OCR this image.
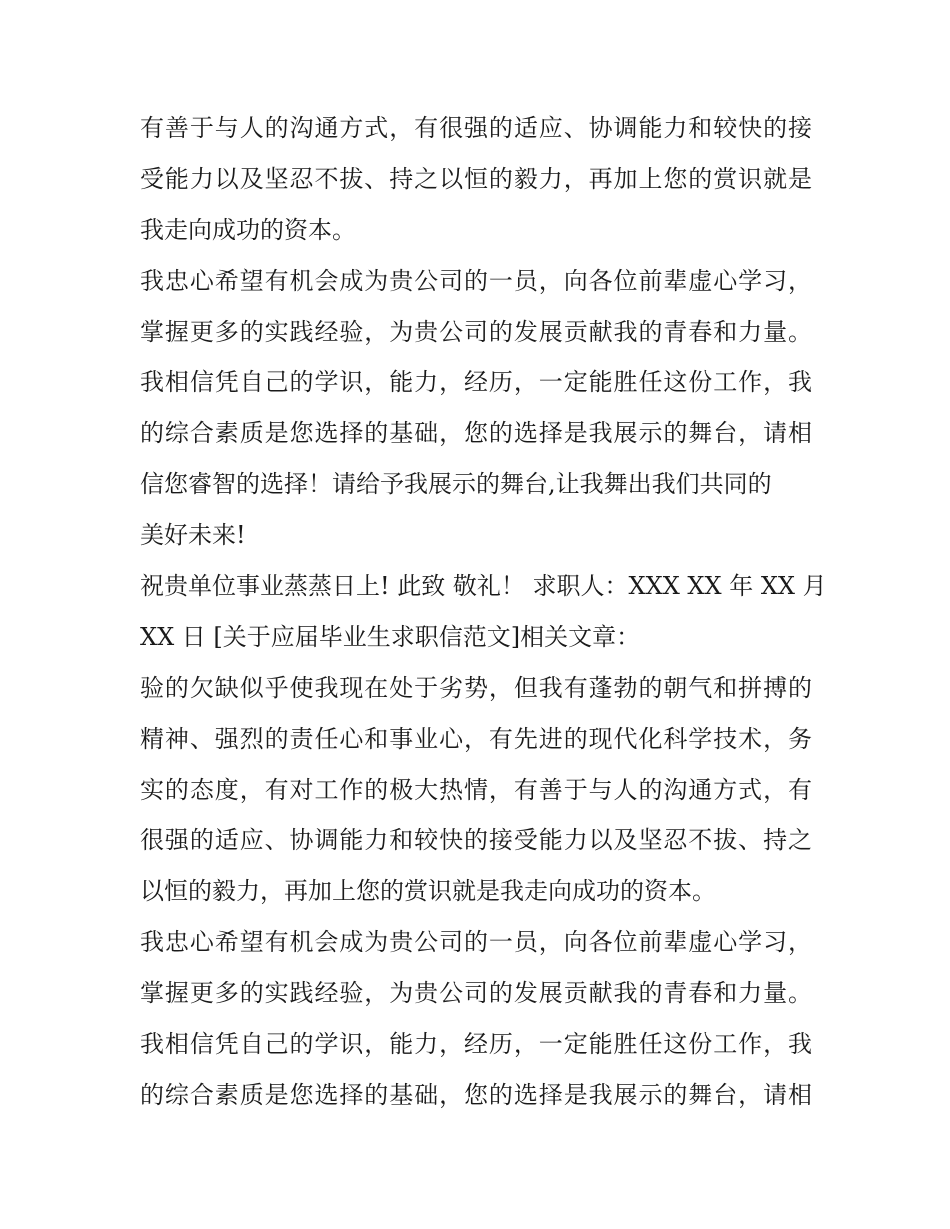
有善于与人的沟通方式，有很强的适应、协调能力和较快的接
受能力以及坚忍不拔、持之以恒的毅力，再加上您的赏识就是
我走向成功的资本。
我忠心希望有机会成为贵公司的一员，向各位前辈虚心学习，
掌握更多的实践经验，为贵公司的发展贡献我的青春和力量。
我相信凭自己的学识，能力，经历，一定能胜任这份工作，我
的综合素质是您选择的基础，您的选择是我展示的舞台，请相
信您睿智的选择！请给予我展示的舞台,让我舞出我们共同的
美好未来!
祝贵单位事业蒸蒸日上! 此致 敬礼！ 求职人：XXX XX 年 XX 月
XX 日 [关于应届毕业生求职信范文]相关文章：
验的欠缺似乎使我现在处于劣势，但我有蓬勃的朝气和拼搏的
精神、强烈的责任心和事业心，有先进的现代化科学技术，务
实的态度，有对工作的极大热情，有善于与人的沟通方式，有
很强的适应、协调能力和较快的接受能力以及坚忍不拔、持之
以恒的毅力，再加上您的赏识就是我走向成功的资本。
我忠心希望有机会成为贵公司的一员，向各位前辈虚心学习，
掌握更多的实践经验，为贵公司的发展贡献我的青春和力量。
我相信凭自己的学识，能力，经历，一定能胜任这份工作，我
的综合素质是您选择的基础，您的选择是我展示的舞台，请相
